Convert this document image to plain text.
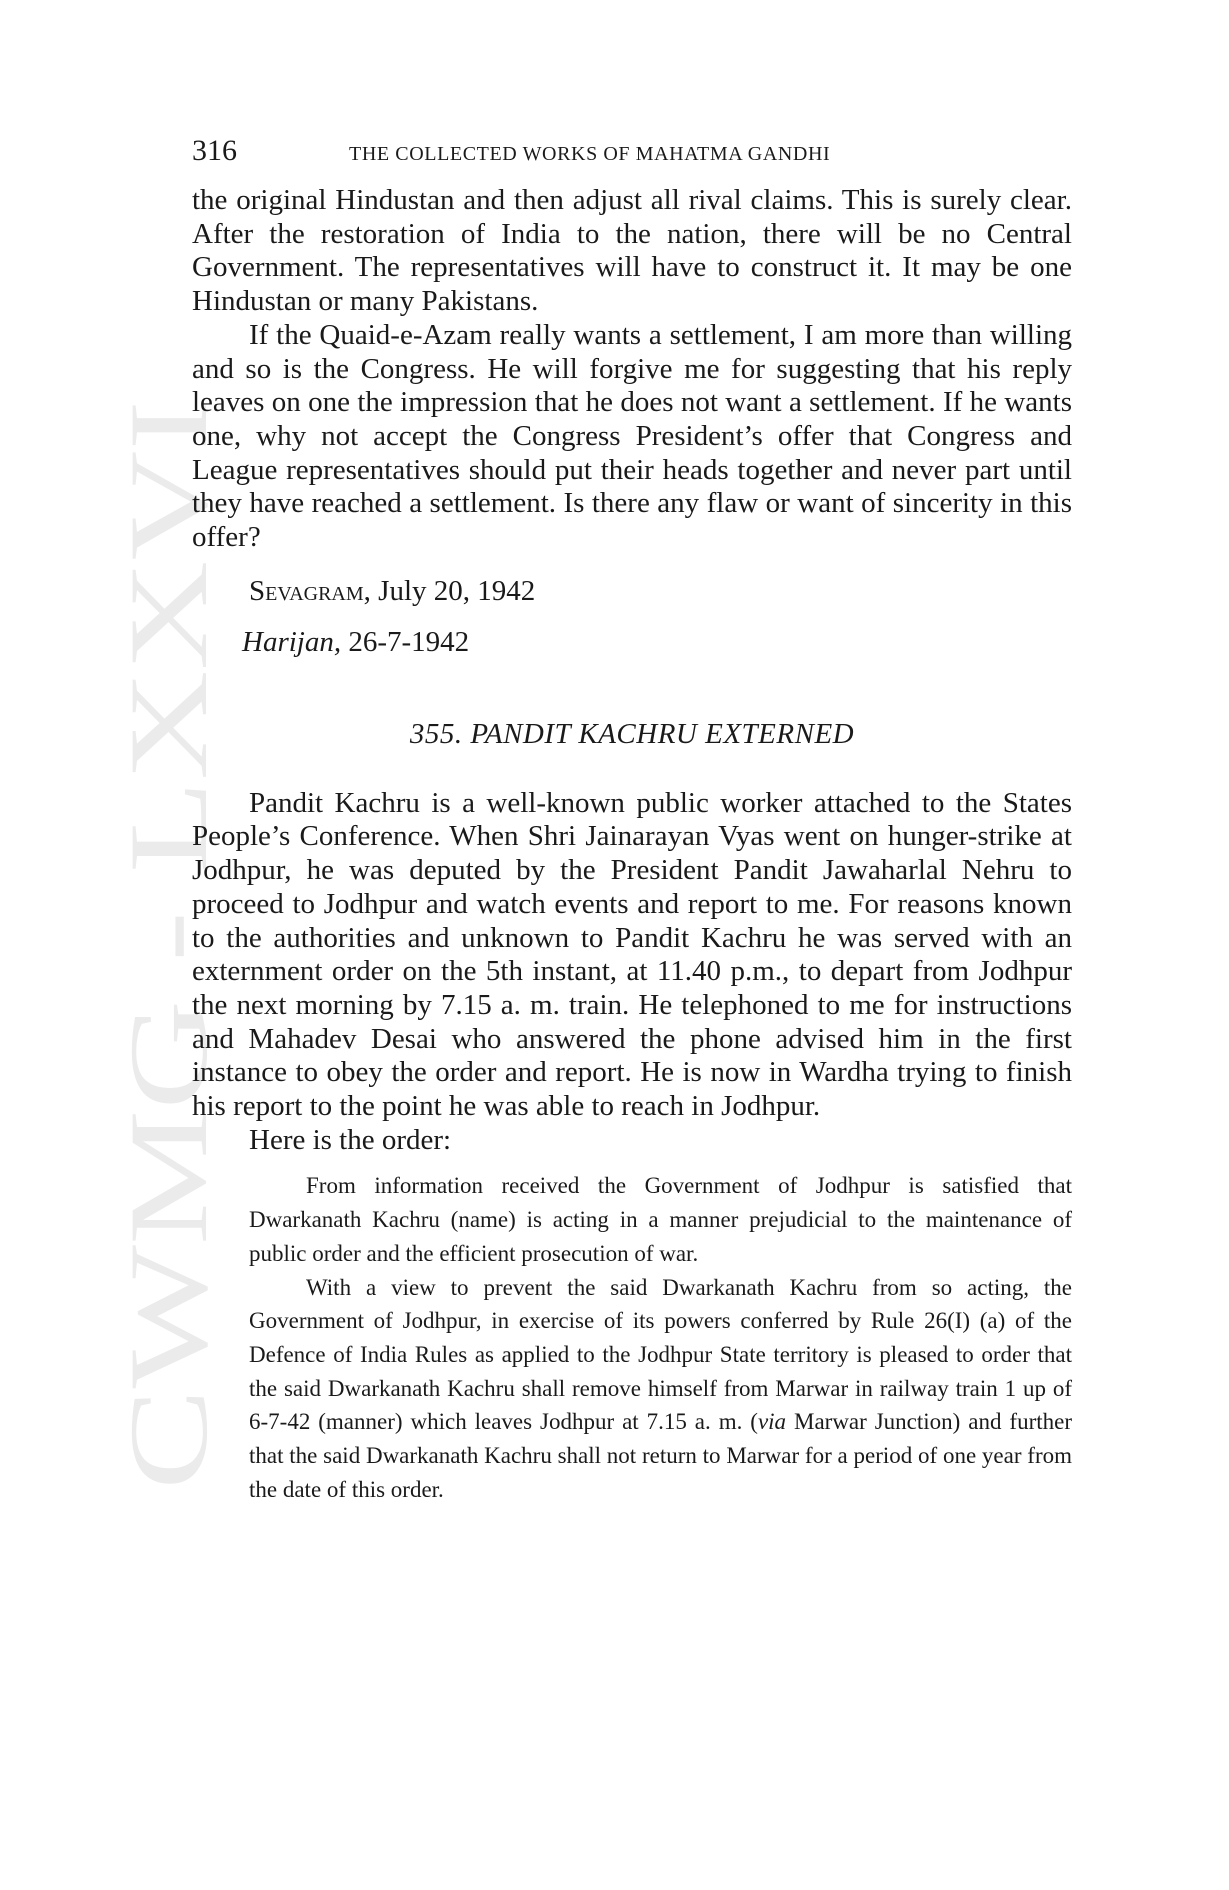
CWMG - LXXVI
316	THE COLLECTED WORKS OF MAHATMA GANDHI

the original Hindustan and then adjust all rival claims. This is surely clear. After the restoration of India to the nation, there will be no Central Government. The representatives will have to construct it. It may be one Hindustan or many Pakistans.

If the Quaid-e-Azam really wants a settlement, I am more than willing and so is the Congress. He will forgive me for suggesting that his reply leaves on one the impression that he does not want a settlement. If he wants one, why not accept the Congress President’s offer that Congress and League representatives should put their heads together and never part until they have reached a settlement. Is there any flaw or want of sincerity in this offer?

Sevagram, July 20, 1942
Harijan, 26-7-1942
355. PANDIT KACHRU EXTERNED

Pandit Kachru is a well-known public worker attached to the States People’s Conference. When Shri Jainarayan Vyas went on hunger-strike at Jodhpur, he was deputed by the President Pandit Jawaharlal Nehru to proceed to Jodhpur and watch events and report to me. For reasons known to the authorities and unknown to Pandit Kachru he was served with an externment order on the 5th instant, at 11.40 p.m., to depart from Jodhpur the next morning by 7.15 a. m. train. He telephoned to me for instructions and Mahadev Desai who answered the phone advised him in the first instance to obey the order and report. He is now in Wardha trying to finish his report to the point he was able to reach in Jodhpur.

Here is the order:

From information received the Government of Jodhpur is satisfied that Dwarkanath Kachru (name) is acting in a manner prejudicial to the maintenance of public order and the efficient prosecution of war.

With a view to prevent the said Dwarkanath Kachru from so acting, the Government of Jodhpur, in exercise of its powers conferred by Rule 26(I) (a) of the Defence of India Rules as applied to the Jodhpur State territory is pleased to order that the said Dwarkanath Kachru shall remove himself from Marwar in railway train 1 up of 6-7-42 (manner) which leaves Jodhpur at 7.15 a. m. (via Marwar Junction) and further that the said Dwarkanath Kachru shall not return to Marwar for a period of one year from the date of this order.
